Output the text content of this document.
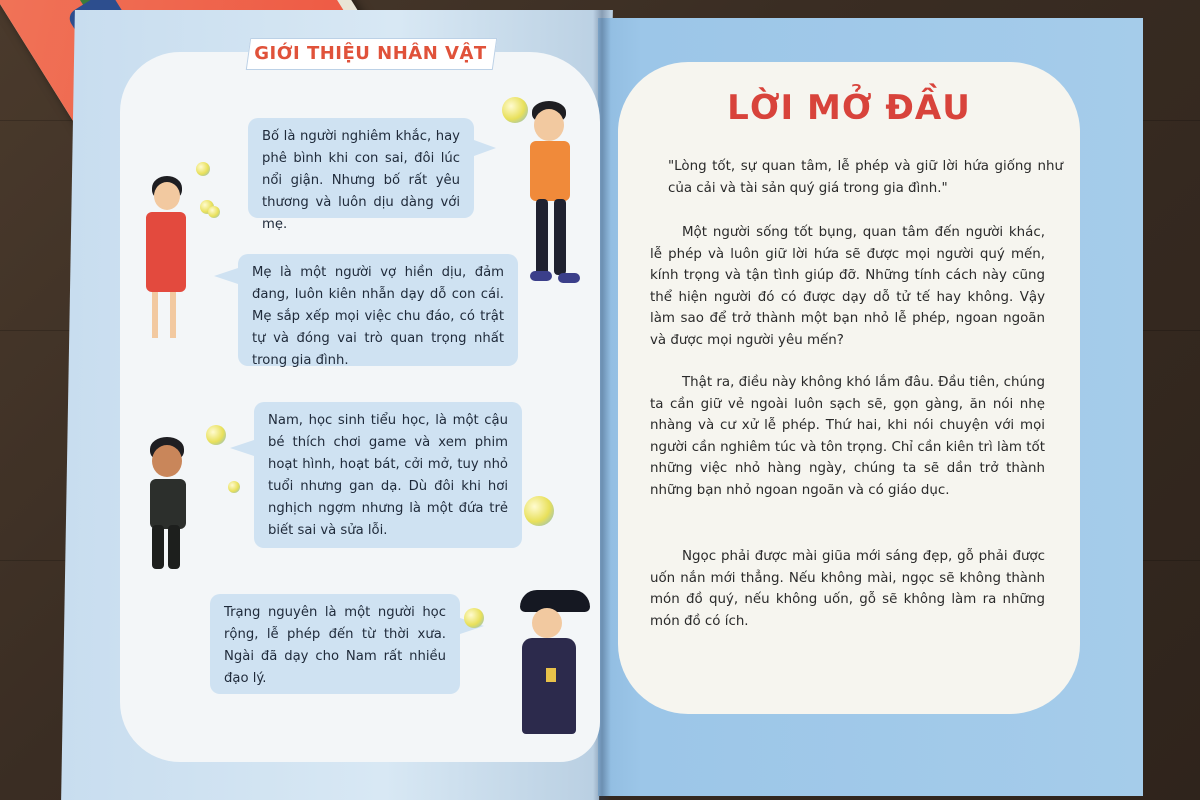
GIỚI THIỆU NHÂN VẬT
Bố là người nghiêm khắc, hay phê bình khi con sai, đôi lúc nổi giận. Nhưng bố rất yêu thương và luôn dịu dàng với mẹ.
Mẹ là một người vợ hiền dịu, đảm đang, luôn kiên nhẫn dạy dỗ con cái. Mẹ sắp xếp mọi việc chu đáo, có trật tự và đóng vai trò quan trọng nhất trong gia đình.
Nam, học sinh tiểu học, là một cậu bé thích chơi game và xem phim hoạt hình, hoạt bát, cởi mở, tuy nhỏ tuổi nhưng gan dạ. Dù đôi khi hơi nghịch ngợm nhưng là một đứa trẻ biết sai và sửa lỗi.
Trạng nguyên là một người học rộng, lễ phép đến từ thời xưa. Ngài đã dạy cho Nam rất nhiều đạo lý.
LỜI MỞ ĐẦU
"Lòng tốt, sự quan tâm, lễ phép và giữ lời hứa giống như của cải và tài sản quý giá trong gia đình."
Một người sống tốt bụng, quan tâm đến người khác, lễ phép và luôn giữ lời hứa sẽ được mọi người quý mến, kính trọng và tận tình giúp đỡ. Những tính cách này cũng thể hiện người đó có được dạy dỗ tử tế hay không. Vậy làm sao để trở thành một bạn nhỏ lễ phép, ngoan ngoãn và được mọi người yêu mến?
Thật ra, điều này không khó lắm đâu. Đầu tiên, chúng ta cần giữ vẻ ngoài luôn sạch sẽ, gọn gàng, ăn nói nhẹ nhàng và cư xử lễ phép. Thứ hai, khi nói chuyện với mọi người cần nghiêm túc và tôn trọng. Chỉ cần kiên trì làm tốt những việc nhỏ hàng ngày, chúng ta sẽ dần trở thành những bạn nhỏ ngoan ngoãn và có giáo dục.
Ngọc phải được mài giũa mới sáng đẹp, gỗ phải được uốn nắn mới thẳng. Nếu không mài, ngọc sẽ không thành món đồ quý, nếu không uốn, gỗ sẽ không làm ra những món đồ có ích.
